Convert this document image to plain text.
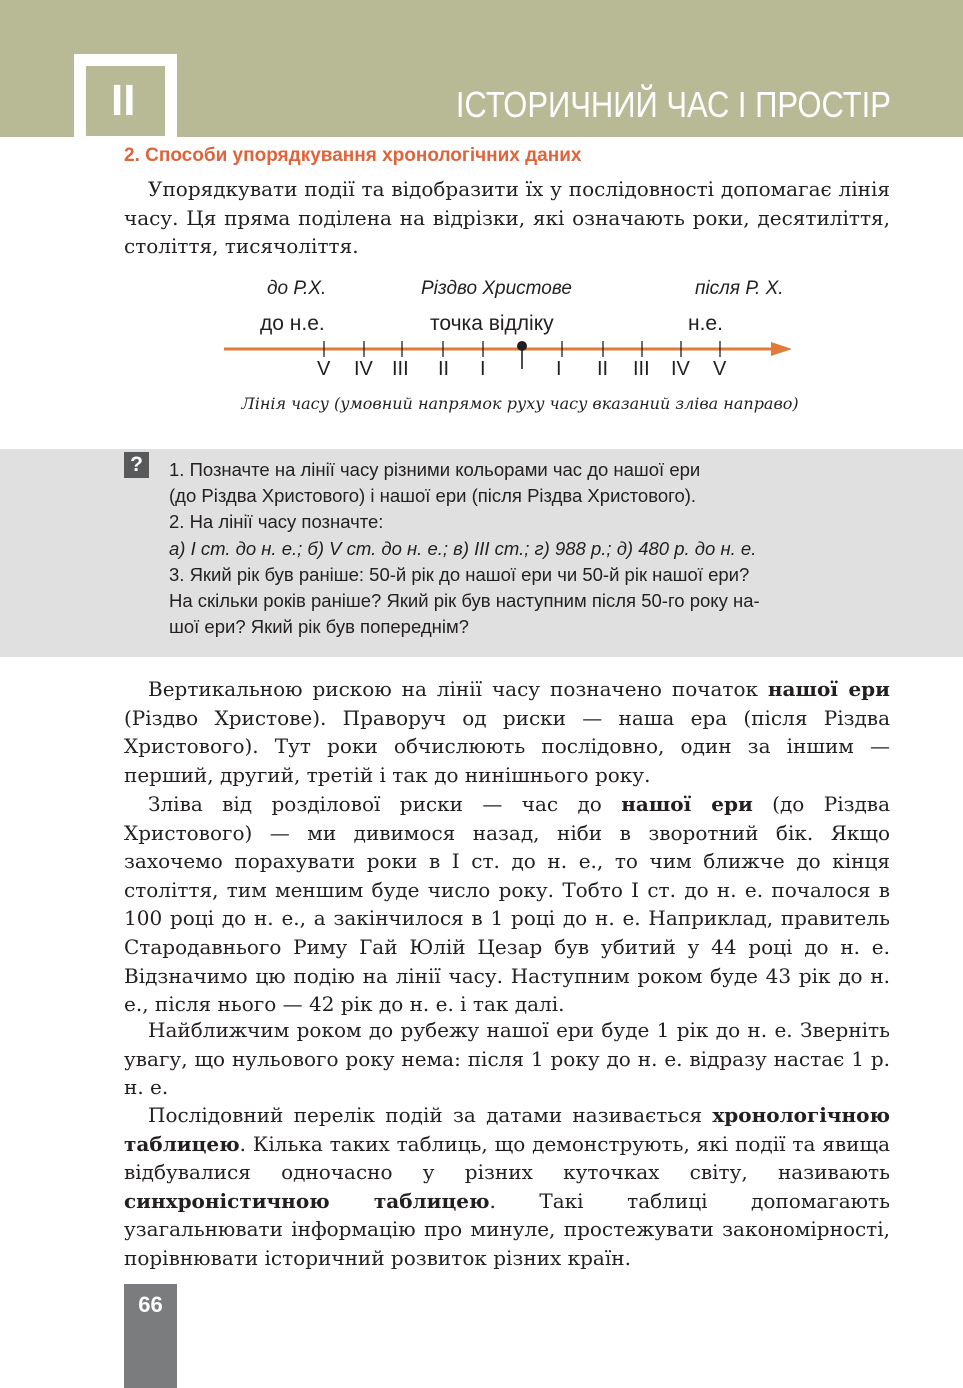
II	ІСТОРИЧНИЙ ЧАС І ПРОСТІР
2. Способи упорядкування хронологічних даних
Упорядкувати події та відобразити їх у послідовності допомагає лінія часу. Ця пряма поділена на відрізки, які означають роки, десятиліття, століття, тисячоліття.
до Р.Х.	Різдво Христове	після Р. Х.
до н.е.	точка відліку	н.е.
V IV III II I	I II III IV V
Лінія часу (умовний напрямок руху часу вказаний зліва направо)
?	1. Позначте на лінії часу різними кольорами час до нашої ери
(до Різдва Христового) і нашої ери (після Різдва Христового).
2. На лінії часу позначте:
а) І ст. до н. е.; б) V ст. до н. е.; в) ІІІ ст.; г) 988 р.; д) 480 р. до н. е.
3. Який рік був раніше: 50-й рік до нашої ери чи 50-й рік нашої ери?
На скільки років раніше? Який рік був наступним після 50-го року на-
шої ери? Який рік був попереднім?
Вертикальною рискою на лінії часу позначено початок нашої ери (Різдво Христове). Праворуч од риски — наша ера (після Різдва Христового). Тут роки обчислюють послідовно, один за іншим — перший, другий, третій і так до нинішнього року.
Зліва від розділової риски — час до нашої ери (до Різдва Христового) — ми дивимося назад, ніби в зворотний бік. Якщо захочемо порахувати роки в І ст. до н. е., то чим ближче до кінця століття, тим меншим буде число року. Тобто І ст. до н. е. почалося в 100 році до н. е., а закінчилося в 1 році до н. е. Наприклад, правитель Стародавнього Риму Гай Юлій Цезар був убитий у 44 році до н. е. Відзначимо цю подію на лінії часу. Наступним роком буде 43 рік до н. е., після нього — 42 рік до н. е. і так далі.
Найближчим роком до рубежу нашої ери буде 1 рік до н. е. Зверніть увагу, що нульового року нема: після 1 року до н. е. відразу настає 1 р. н. е.
Послідовний перелік подій за датами називається хронологічною таблицею. Кілька таких таблиць, що демонструють, які події та явища відбувалися одночасно у різних куточках світу, називають синхроністичною таблицею. Такі таблиці допомагають узагальнювати інформацію про минуле, простежувати закономірності, порівнювати історичний розвиток різних країн.
66
